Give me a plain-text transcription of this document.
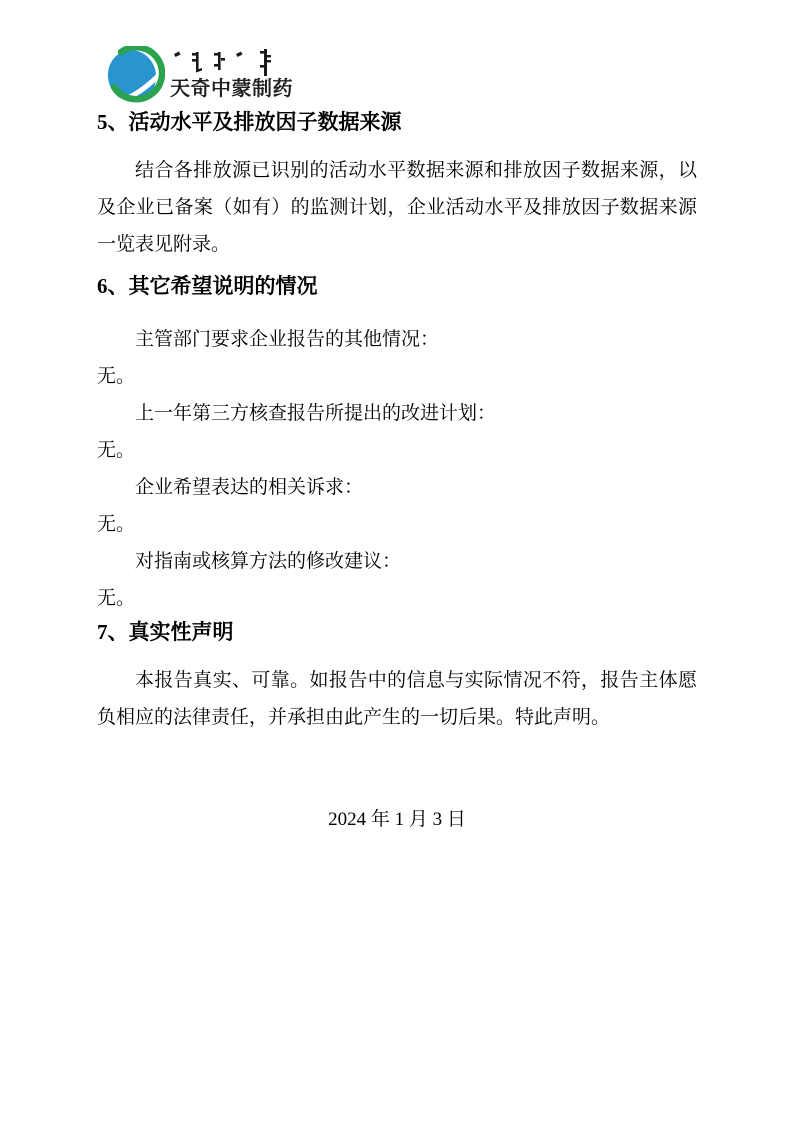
天奇中蒙制药
5、活动水平及排放因子数据来源

结合各排放源已识别的活动水平数据来源和排放因子数据来源，以及企业已备案（如有）的监测计划，企业活动水平及排放因子数据来源一览表见附录。

6、其它希望说明的情况
主管部门要求企业报告的其他情况：
无。
上一年第三方核查报告所提出的改进计划：
无。
企业希望表达的相关诉求：
无。
对指南或核算方法的修改建议：
无。
7、真实性声明

本报告真实、可靠。如报告中的信息与实际情况不符，报告主体愿负相应的法律责任，并承担由此产生的一切后果。特此声明。

2024 年 1 月 3 日
